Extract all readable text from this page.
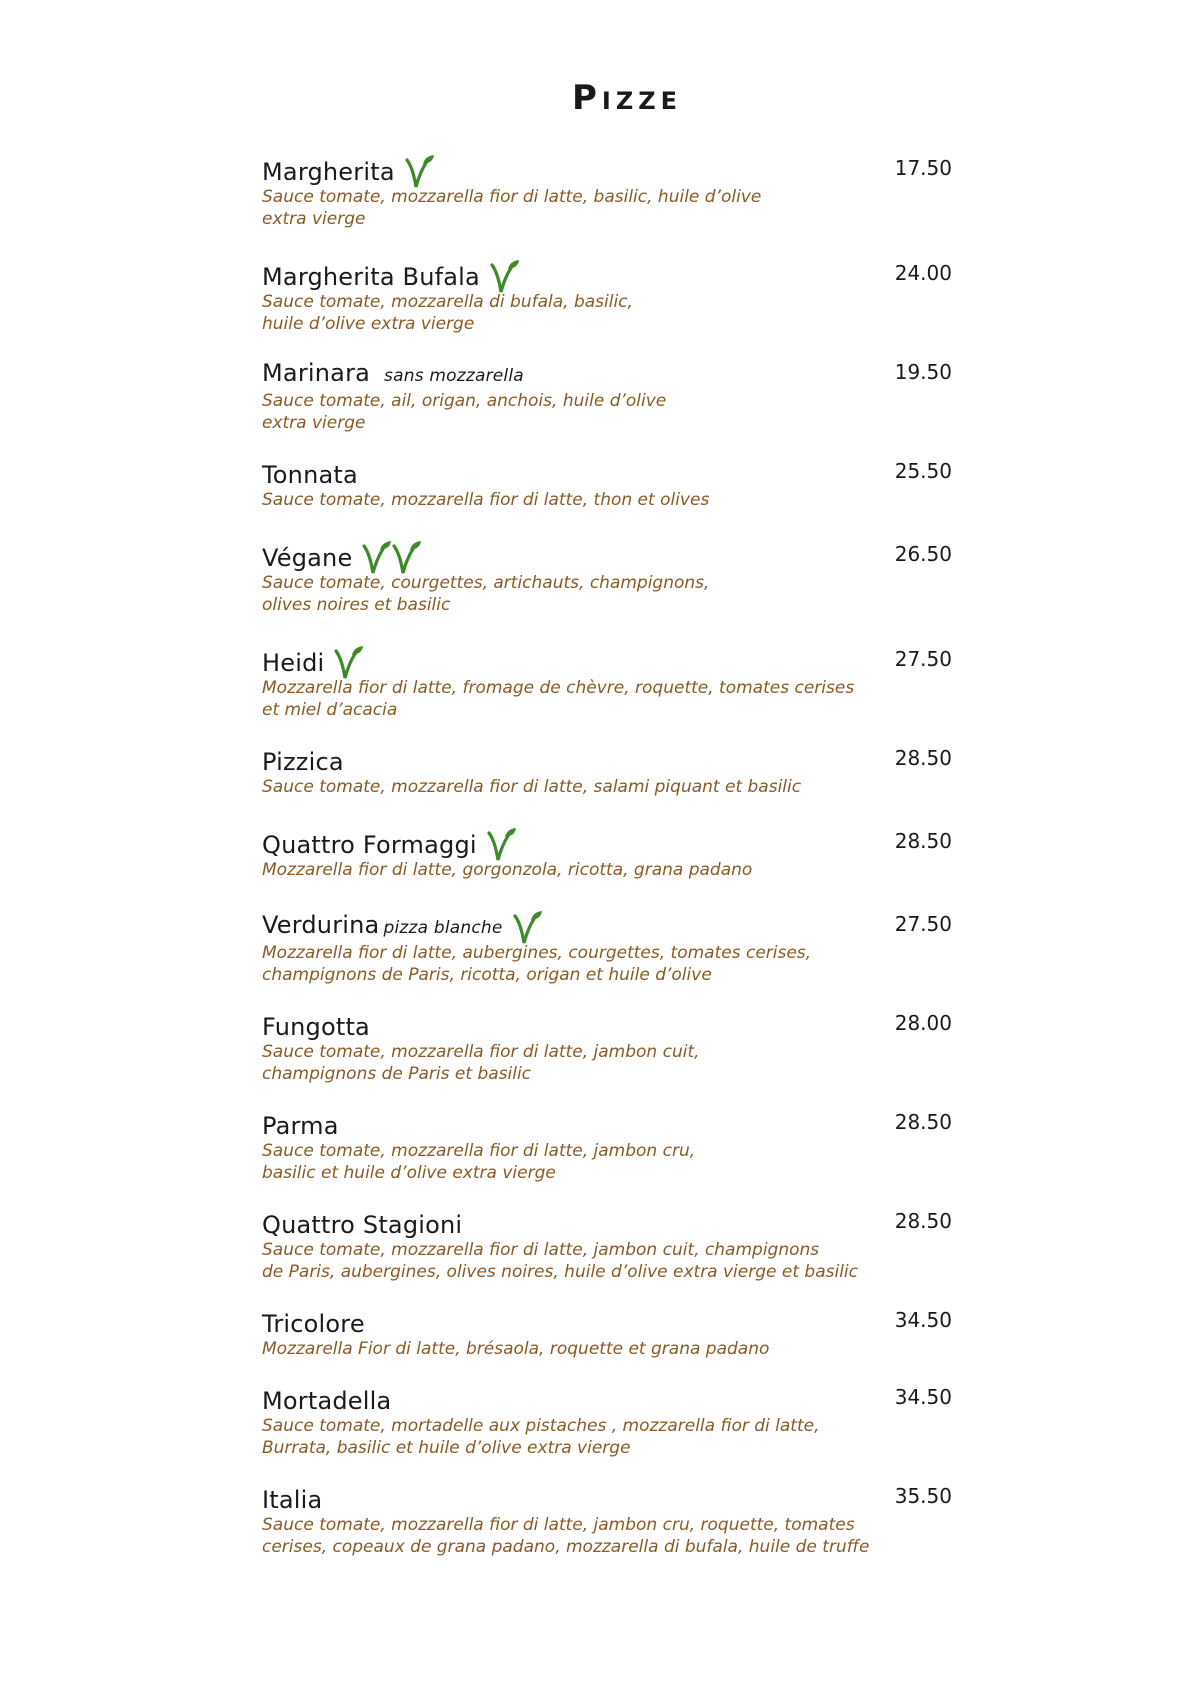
Pizze
Margherita	17.50
Sauce tomate, mozzarella fior di latte, basilic, huile d’olive
extra vierge
Margherita Bufala	24.00
Sauce tomate, mozzarella di bufala, basilic,
huile d’olive extra vierge
Marinara sans mozzarella	19.50
Sauce tomate, ail, origan, anchois, huile d’olive
extra vierge
Tonnata	25.50
Sauce tomate, mozzarella fior di latte, thon et olives
Végane	26.50
Sauce tomate, courgettes, artichauts, champignons,
olives noires et basilic
Heidi	27.50
Mozzarella fior di latte, fromage de chèvre, roquette, tomates cerises
et miel d’acacia
Pizzica	28.50
Sauce tomate, mozzarella fior di latte, salami piquant et basilic
Quattro Formaggi	28.50
Mozzarella fior di latte, gorgonzola, ricotta, grana padano
Verdurina pizza blanche	27.50
Mozzarella fior di latte, aubergines, courgettes, tomates cerises,
champignons de Paris, ricotta, origan et huile d’olive
Fungotta	28.00
Sauce tomate, mozzarella fior di latte, jambon cuit,
champignons de Paris et basilic
Parma	28.50
Sauce tomate, mozzarella fior di latte, jambon cru,
basilic et huile d’olive extra vierge
Quattro Stagioni	28.50
Sauce tomate, mozzarella fior di latte, jambon cuit, champignons
de Paris, aubergines, olives noires, huile d’olive extra vierge et basilic
Tricolore	34.50
Mozzarella Fior di latte, brésaola, roquette et grana padano
Mortadella	34.50
Sauce tomate, mortadelle aux pistaches , mozzarella fior di latte,
Burrata, basilic et huile d’olive extra vierge
Italia	35.50
Sauce tomate, mozzarella fior di latte, jambon cru, roquette, tomates
cerises, copeaux de grana padano, mozzarella di bufala, huile de truffe
